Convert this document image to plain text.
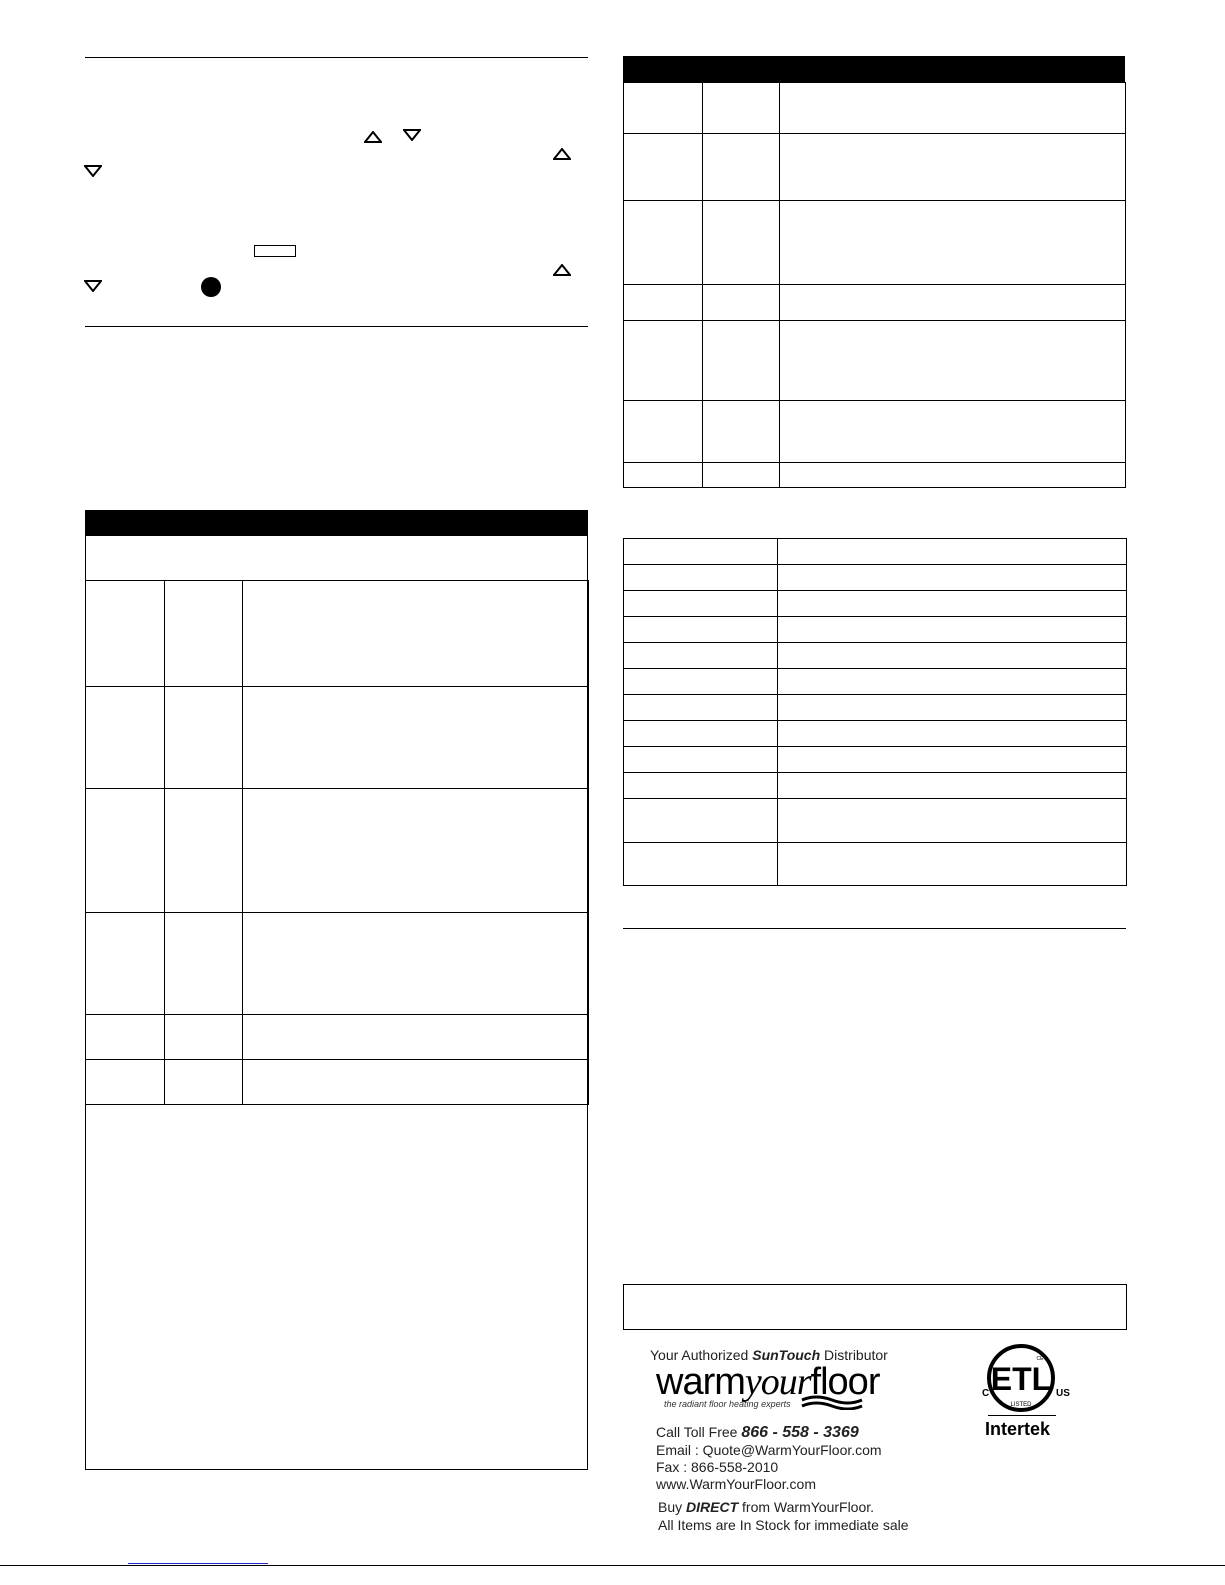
Your Authorized SunTouch Distributor
warmyourfloor
the radiant floor heating experts
Call Toll Free 866 - 558 - 3369
Email : Quote@WarmYourFloor.com
Fax : 866-558-2010
www.WarmYourFloor.com
Buy DIRECT from WarmYourFloor.
All Items are In Stock for immediate sale
ETL
LISTED
CE
C	US
Intertek
